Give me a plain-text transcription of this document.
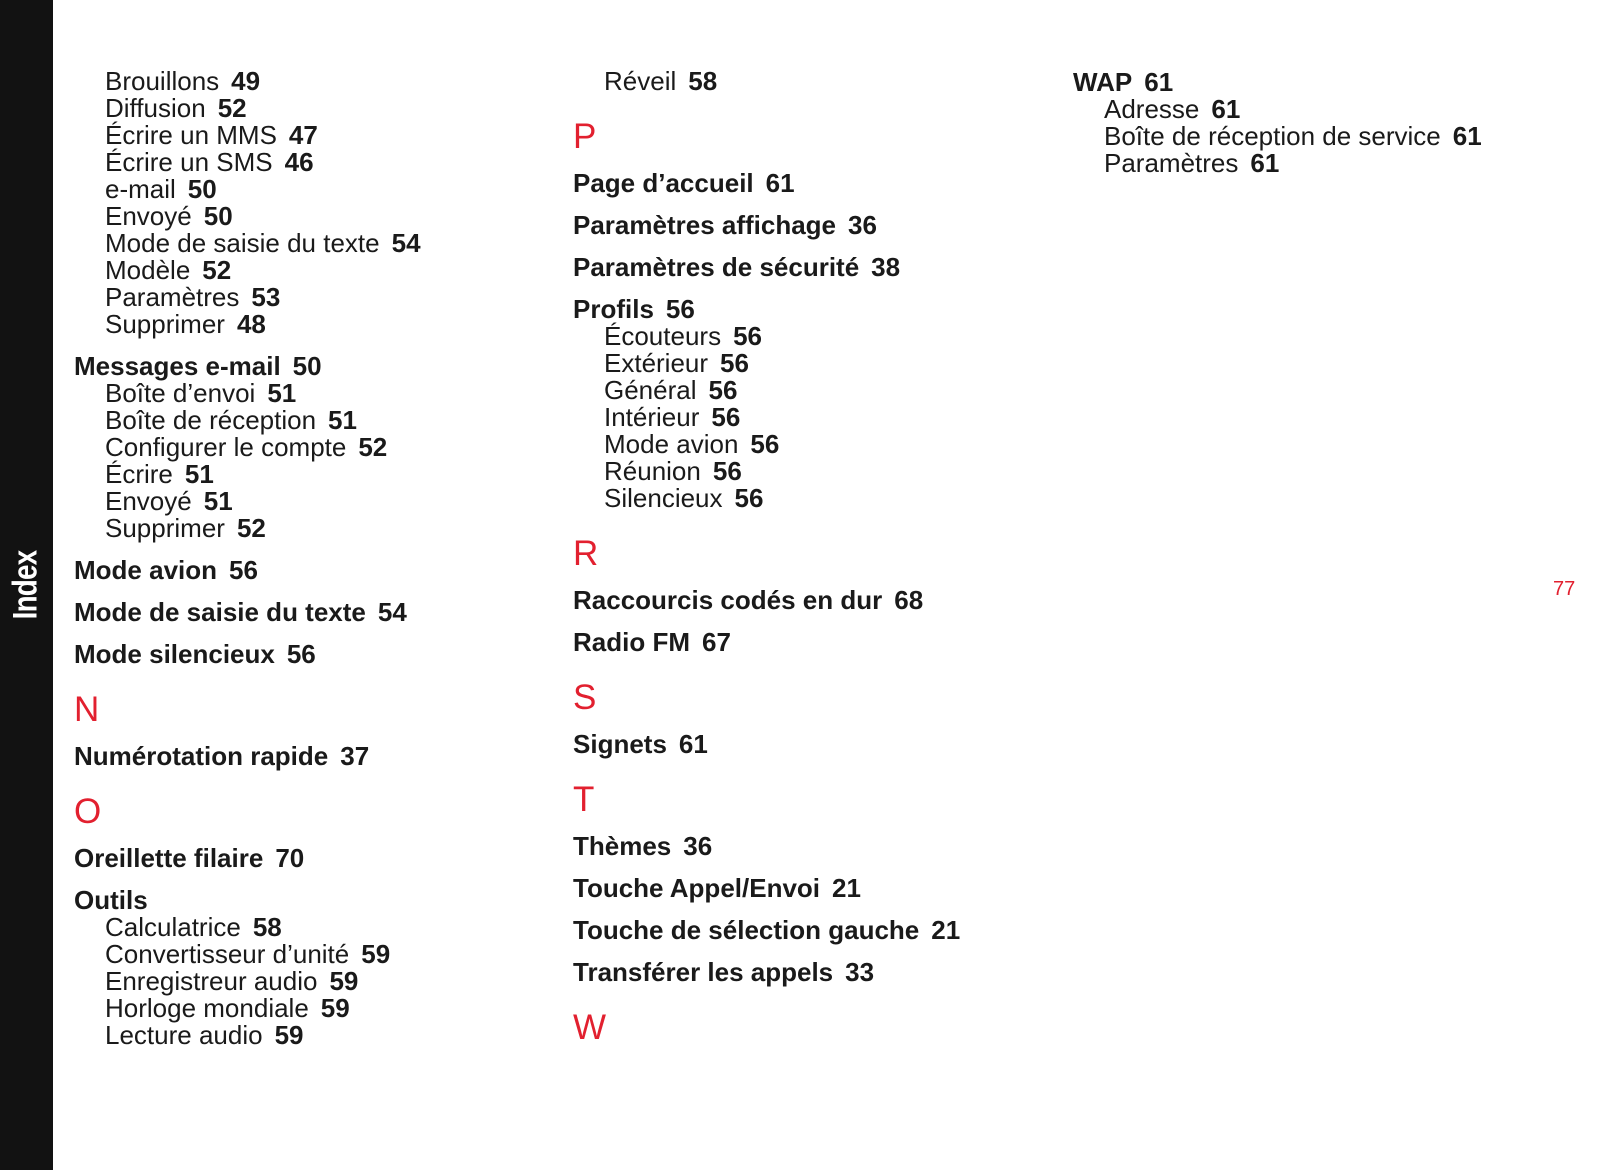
Index	77
Brouillons 49
Diffusion 52
Écrire un MMS 47
Écrire un SMS 46
e-mail 50
Envoyé 50
Mode de saisie du texte 54
Modèle 52
Paramètres 53
Supprimer 48
Messages e-mail 50
Boîte d’envoi 51
Boîte de réception 51
Configurer le compte 52
Écrire 51
Envoyé 51
Supprimer 52
Mode avion 56
Mode de saisie du texte 54
Mode silencieux 56
N
Numérotation rapide 37
O
Oreillette filaire 70
Outils
Calculatrice 58
Convertisseur d’unité 59
Enregistreur audio 59
Horloge mondiale 59
Lecture audio 59
Réveil 58
P
Page d’accueil 61
Paramètres affichage 36
Paramètres de sécurité 38
Profils 56
Écouteurs 56
Extérieur 56
Général 56
Intérieur 56
Mode avion 56
Réunion 56
Silencieux 56
R
Raccourcis codés en dur 68
Radio FM 67
S
Signets 61
T
Thèmes 36
Touche Appel/Envoi 21
Touche de sélection gauche 21
Transférer les appels 33
W
WAP 61
Adresse 61
Boîte de réception de service 61
Paramètres 61
